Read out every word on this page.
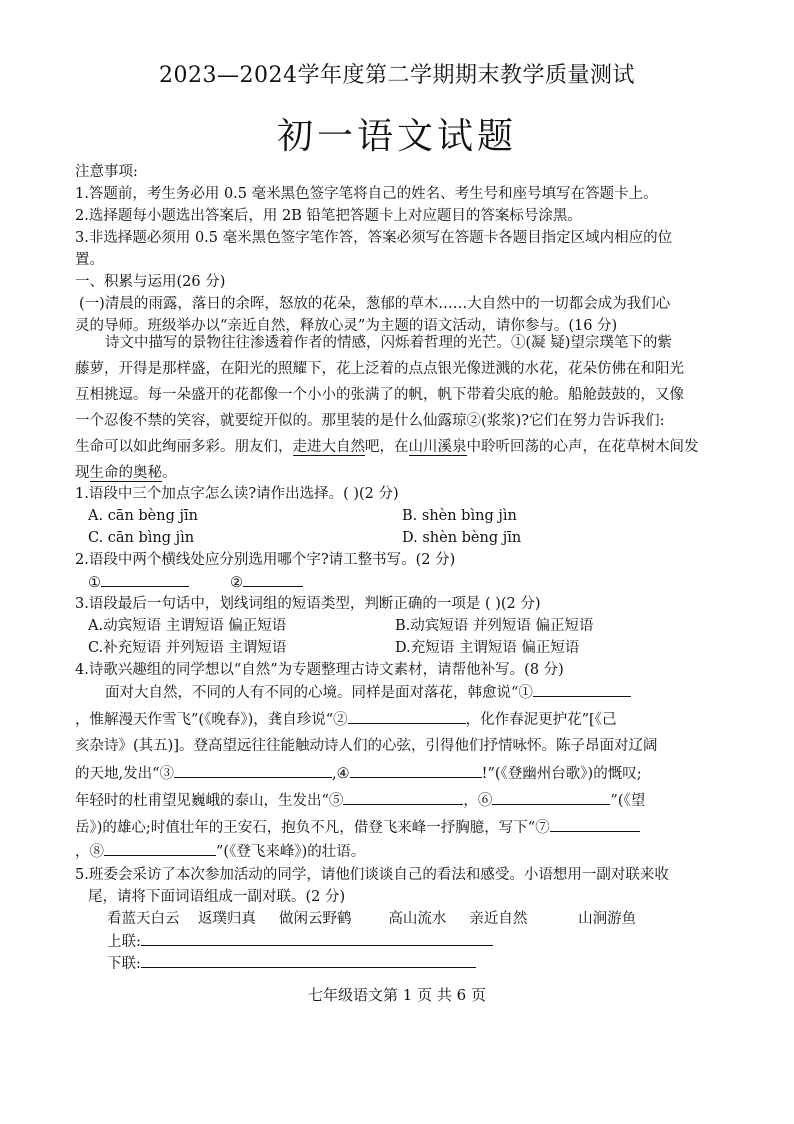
2023—2024学年度第二学期期末教学质量测试
初一语文试题
注意事项:
1.答题前，考生务必用 0.5 毫米黑色签字笔将自己的姓名、考生号和座号填写在答题卡上。
2.选择题每小题选出答案后，用 2B 铅笔把答题卡上对应题目的答案标号涂黑。
3.非选择题必须用 0.5 毫米黑色签字笔作答，答案必须写在答题卡各题目指定区域内相应的位
置。
一、积累与运用(26 分)
(一)清晨的雨露，落日的余晖，怒放的花朵，葱郁的草木……大自然中的一切都会成为我们心
灵的导师。班级举办以“亲近自然，释放心灵”为主题的语文活动，请你参与。(16 分)
诗文中描写的景物往往渗透着作者的情感，闪烁着哲理的光芒。①(凝 疑)望宗璞笔下的紫
藤萝，开得是那样盛，在阳光的照耀下，花上泛着的点点银光像迸溅的水花，花朵仿佛在和阳光
互相挑逗。每一朵盛开的花都像一个小小的张满了的帆，帆下带着尖底的舱。船舱鼓鼓的，又像
一个忍俊不禁的笑容，就要绽开似的。那里装的是什么仙露琼②(浆浆)?它们在努力告诉我们:
生命可以如此绚丽多彩。朋友们，走进大自然吧，在山川溪泉中聆听回荡的心声，在花草树木间发
现生命的奥秘。
1.语段中三个加点字怎么读?请作出选择。( )(2 分)
A. cān bèng jīn	B. shèn bìng jìn
C. cān bìng jìn	D. shèn bèng jīn
2.语段中两个横线处应分别选用哪个字?请工整书写。(2 分)
①	②
3.语段最后一句话中，划线词组的短语类型，判断正确的一项是 ( )(2 分)
A.动宾短语 主谓短语 偏正短语	B.动宾短语 并列短语 偏正短语
C.补充短语 并列短语 主谓短语	D.充短语 主谓短语 偏正短语
4.诗歌兴趣组的同学想以“自然”为专题整理古诗文素材，请帮他补写。(8 分)
面对大自然，不同的人有不同的心境。同样是面对落花，韩愈说“①
，惟解漫天作雪飞”(《晚春》)，龚自珍说“②	，化作春泥更护花”[《己
亥杂诗》(其五)]。登高望远往往能触动诗人们的心弦，引得他们抒情咏怀。陈子昂面对辽阔
的天地,发出“③	,④	!”(《登幽州台歌》)的慨叹;
年轻时的杜甫望见巍峨的泰山，生发出“⑤	，⑥	”(《望
岳》)的雄心;时值壮年的王安石，抱负不凡，借登飞来峰一抒胸臆，写下“⑦
，⑧	”(《登飞来峰》)的壮语。
5.班委会采访了本次参加活动的同学，请他们谈谈自己的看法和感受。小语想用一副对联来收
尾，请将下面词语组成一副对联。(2 分)
看蓝天白云 返璞归真 做闲云野鹤	高山流水 亲近自然	山涧游鱼
上联:
下联:
七年级语文第 1 页 共 6 页
